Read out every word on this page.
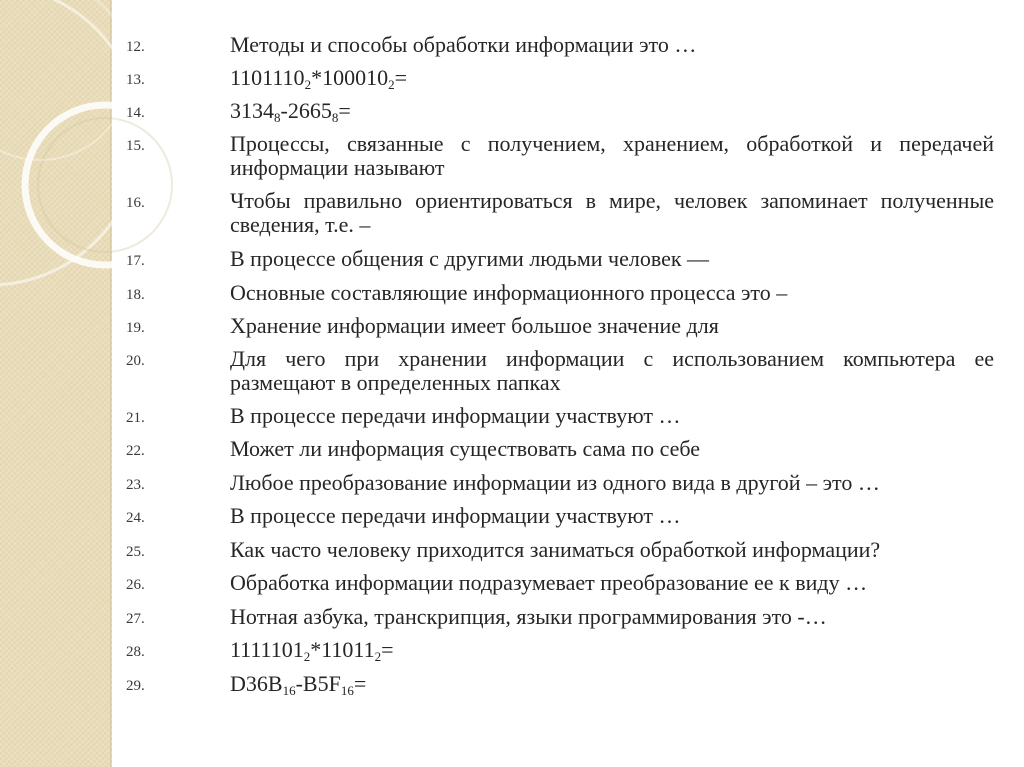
12.	Методы и способы обработки информации это …
13.	$1101110_2*100010_2=$
14.	$3134_8-2665_8=$
15.	Процессы, связанные с получением, хранением, обработкой и передачей информации называют
16.	Чтобы правильно ориентироваться в мире, человек запоминает полученные сведения, т.е. –
17.	В процессе общения с другими людьми человек —
18.	Основные составляющие информационного процесса это –
19.	Хранение информации имеет большое значение для
20.	Для чего при хранении информации с использованием компьютера ее размещают в определенных папках
21.	В процессе передачи информации участвуют …
22.	Может ли информация существовать сама по себе
23.	Любое преобразование информации из одного вида в другой – это …
24.	В процессе передачи информации участвуют …
25.	Как часто человеку приходится заниматься обработкой информации?
26.	Обработка информации подразумевает преобразование ее к виду …
27.	Нотная азбука, транскрипция, языки программирования это -…
28.	$1111101_2*11011_2=$
29.	$D36B_{16}-B5F_{16}=$
